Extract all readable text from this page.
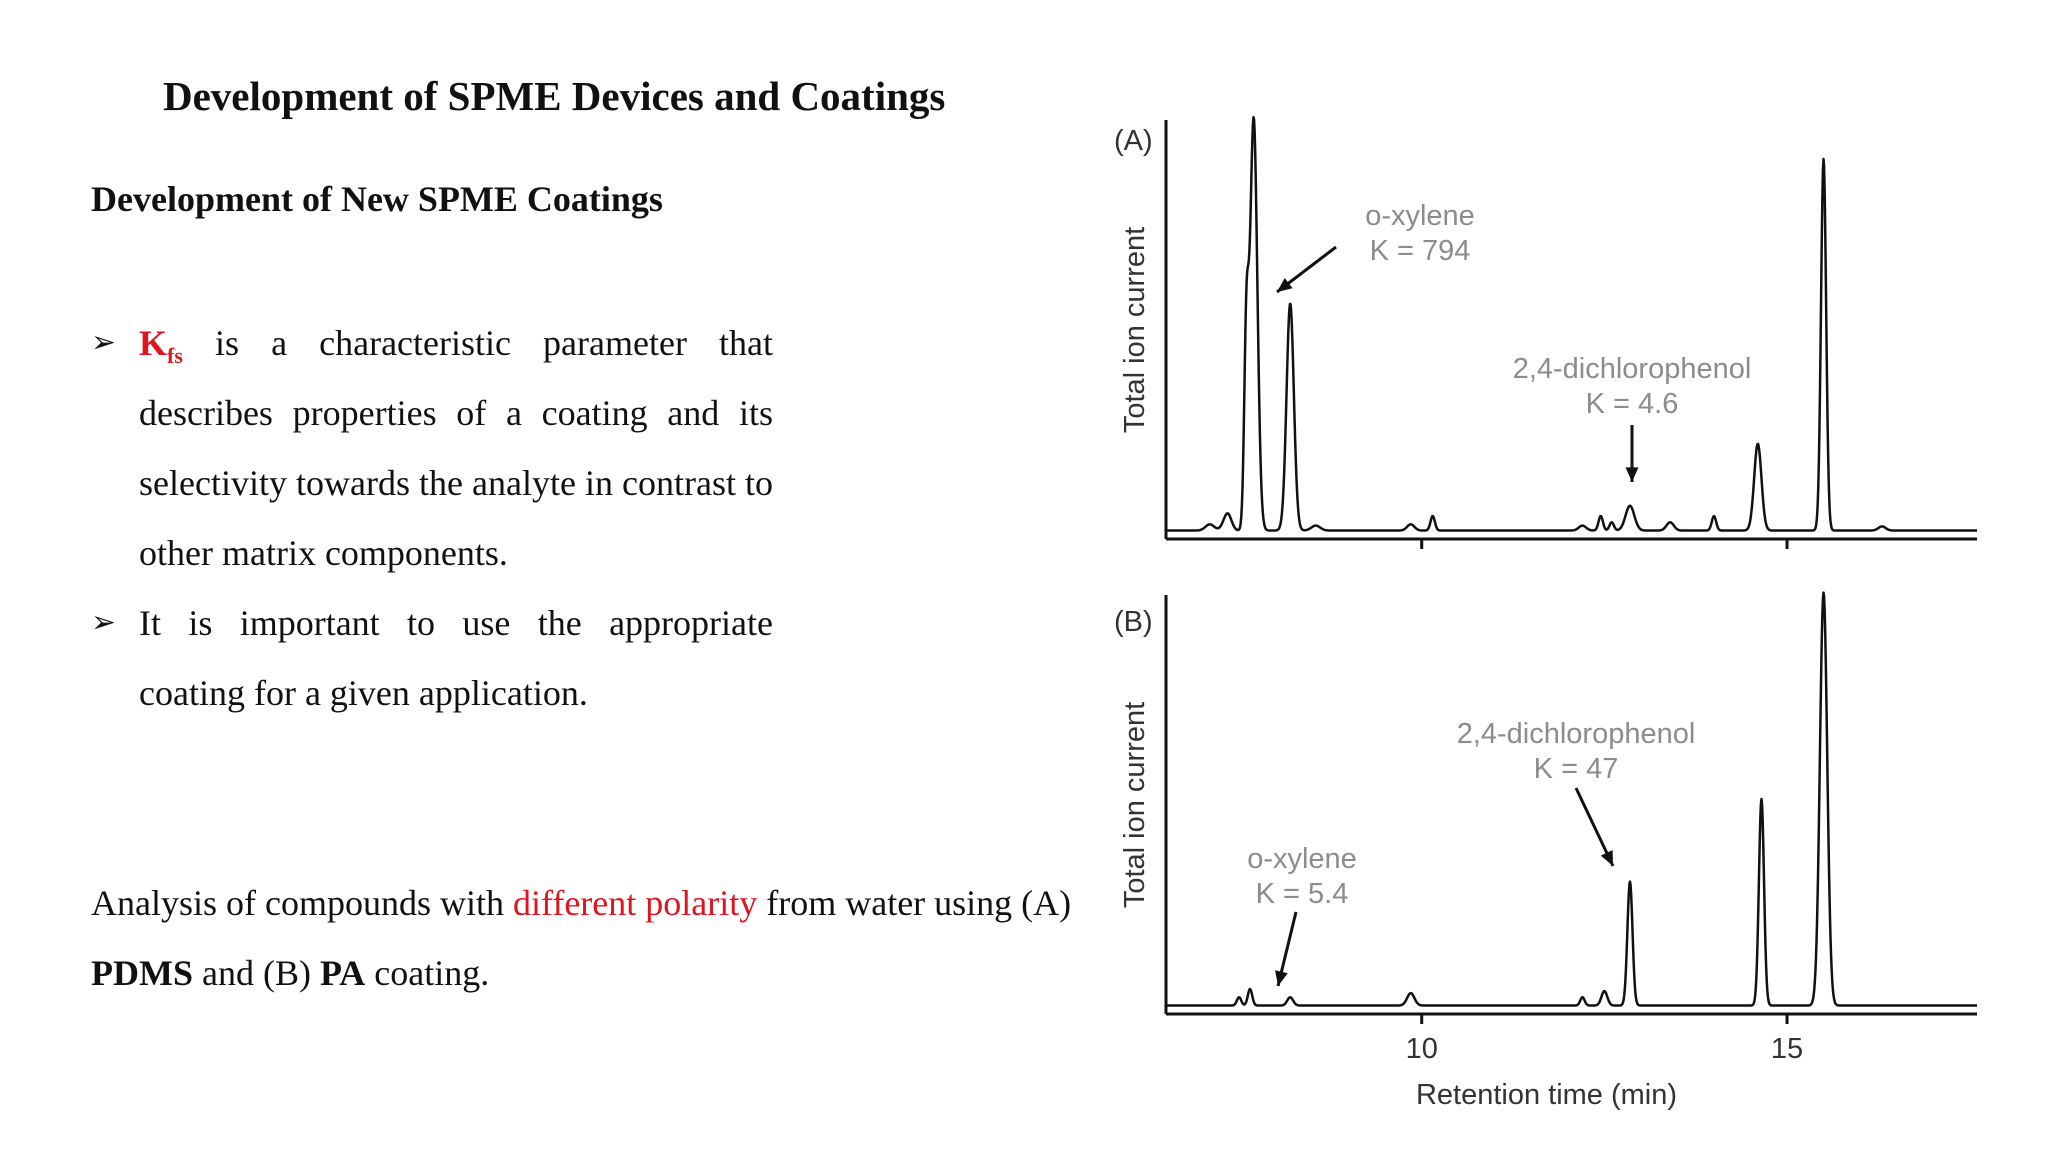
Development of SPME Devices and Coatings
Development of New SPME Coatings
➢ $K_{fs}$ is a characteristic parameter that describes properties of a coating and its selectivity towards the analyte in contrast to other matrix components.
➢ It is important to use the appropriate coating for a given application.
Analysis of compounds with different polarity from water using (A) PDMS and (B) PA coating.
(A)
Total ion current
o-xylene
K = 794
2,4-dichlorophenol
K = 4.6
10	15
(B)
Total ion current	o-xylene
K = 5.4
2,4-dichlorophenol
K = 47
Retention time (min)
